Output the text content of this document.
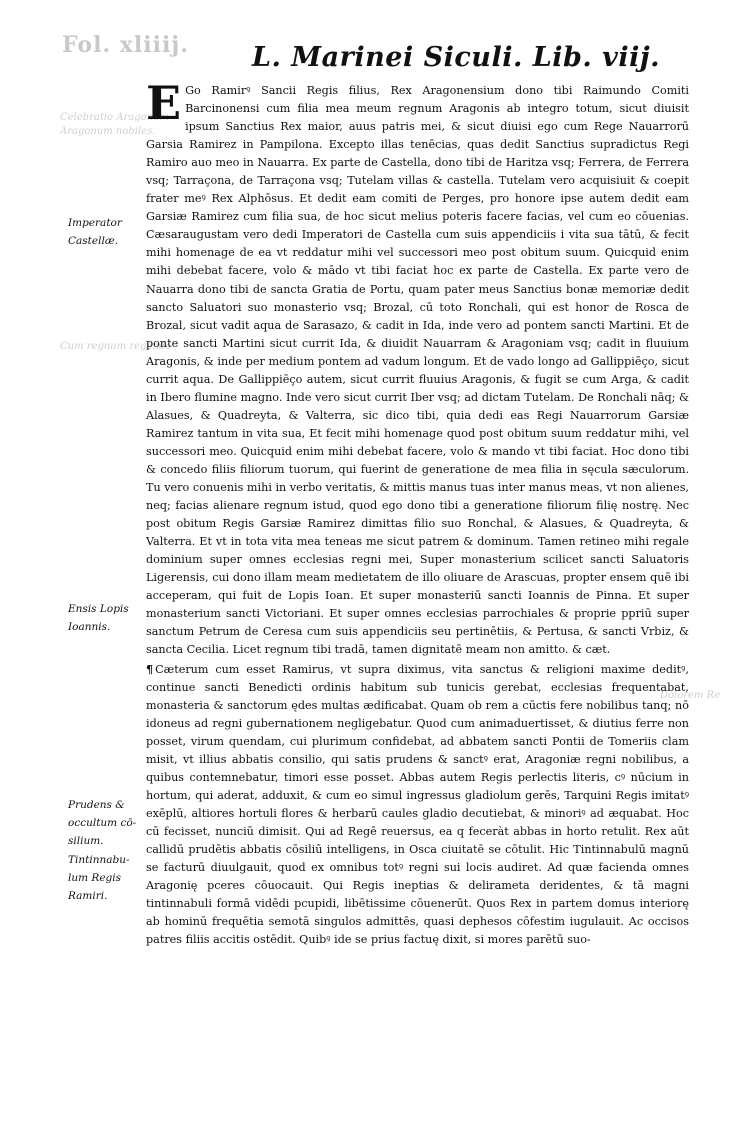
Fol. xliiij.
Celebratio Aragonum
Aragonum nobiles.
Cum regnum regenda
Dolorem Re
L. Marinei Siculi. Lib. viij.

E Go Ramirꝰ Sancii Regis filius, Rex Aragonensium dono tibi Raimundo Comiti Barcinonensi cum filia mea meum regnum Aragonis ab integro totum, sicut diuisit ipsum Sanctius Rex maior, auus patris mei, & sicut diuisi ego cum Rege Nauarrorū Garsia Ramirez in Pampilona. Excepto illas tenēcias, quas dedit Sanctius supradictus Regi Ramiro auo meo in Nauarra. Ex parte de Castella, dono tibi de Haritza vsq; Ferrera, de Ferrera vsq; Tarraçona, de Tarraçona vsq; Tutelam villas & castella. Tutelam vero acquisiuit & coepit frater meꝰ Rex Alphōsus. Et dedit eam comiti de Perges, pro honore ipse autem dedit eam Garsiæ Ramirez cum filia sua, de hoc sicut melius poteris facere facias, vel cum eo cōuenias. Cæsaraugustam vero dedi Imperatori de Castella cum suis appendiciis i vita sua tātū, & fecit mihi homenage de ea vt reddatur mihi vel successori meo post obitum suum. Quicquid enim mihi debebat facere, volo & mādo vt tibi faciat hoc ex parte de Castella. Ex parte vero de Nauarra dono tibi de sancta Gratia de Portu, quam pater meus Sanctius bonæ memoriæ dedit sancto Saluatori suo monasterio vsq; Brozal, cū toto Ronchali, qui est honor de Rosca de Brozal, sicut vadit aqua de Sarasazo, & cadit in Ida, inde vero ad pontem sancti Martini. Et de ponte sancti Martini sicut currit Ida, & diuidit Nauarram & Aragoniam vsq; cadit in fluuium Aragonis, & inde per medium pontem ad vadum longum. Et de vado longo ad Gallippiēço, sicut currit aqua. De Gallippiēço autem, sicut currit fluuius Aragonis, & fugit se cum Arga, & cadit in Ibero flumine magno. Inde vero sicut currit Iber vsq; ad dictam Tutelam. De Ronchali nāq; & Alasues, & Quadreyta, & Valterra, sic dico tibi, quia dedi eas Regi Nauarrorum Garsiæ Ramirez tantum in vita sua, Et fecit mihi homenage quod post obitum suum reddatur mihi, vel successori meo. Quicquid enim mihi debebat facere, volo & mando vt tibi faciat. Hoc dono tibi & concedo filiis filiorum tuorum, qui fuerint de generatione de mea filia in sęcula sæculorum. Tu vero conuenis mihi in verbo veritatis, & mittis manus tuas inter manus meas, vt non alienes, neq; facias alienare regnum istud, quod ego dono tibi a generatione filiorum filię nostrę. Nec post obitum Regis Garsiæ Ramirez dimittas filio suo Ronchal, & Alasues, & Quadreyta, & Valterra. Et vt in tota vita mea teneas me sicut patrem & dominum. Tamen retineo mihi regale dominium super omnes ecclesias regni mei, Super monasterium scilicet sancti Saluatoris Ligerensis, cui dono illam meam medietatem de illo oliuare de Arascuas, propter ensem quē ibi acceperam, qui fuit de Lopis Ioan. Et super monasteriū sancti Ioannis de Pinna. Et super monasterium sancti Victoriani. Et super omnes ecclesias parrochiales & proprie ppriū super sanctum Petrum de Ceresa cum suis appendiciis seu pertinētiis, & Pertusa, & sancti Vrbiz, & sancta Cecilia. Licet regnum tibi tradā, tamen dignitatē meam non amitto. & cæt.

¶ Cæterum cum esset Ramirus, vt supra diximus, vita sanctus & religioni maxime deditꝰ, continue sancti Benedicti ordinis habitum sub tunicis gerebat, ecclesias frequentabat, monasteria & sanctorum ędes multas ædificabat. Quam ob rem a cūctis fere nobilibus tanq; nō idoneus ad regni gubernationem negligebatur. Quod cum animaduertisset, & diutius ferre non posset, virum quendam, cui plurimum confidebat, ad abbatem sancti Pontii de Tomeriis clam misit, vt illius abbatis consilio, qui satis prudens & sanctꝰ erat, Aragoniæ regni nobilibus, a quibus contemnebatur, timori esse posset. Abbas autem Regis perlectis literis, cꝰ nūcium in hortum, qui aderat, adduxit, & cum eo simul ingressus gladiolum gerēs, Tarquini Regis imitatꝰ exēplū, altiores hortuli flores & herbarū caules gladio decutiebat, & minoriꝰ ad æquabat. Hoc cū fecisset, nunciū dimisit. Qui ad Regē reuersus, ea q feceràt abbas in horto retulit. Rex aūt callidū prudētis abbatis cōsiliū intelligens, in Osca ciuitatē se cōtulit. Hic Tintinnabulū magnū se facturū diuulgauit, quod ex omnibus totꝰ regni sui locis audiret. Ad quæ facienda omnes Aragonię pceres cōuocauit. Qui Regis ineptias & delirameta deridentes, & tā magni tintinnabuli formā vidēdi pcupidi, libētissime cōuenerūt. Quos Rex in partem domus interiorę ab hominū frequētia semotā singulos admittēs, quasi dephesos cōfestim iugulauit. Ac occisos patres filiis accitis ostēdit. Quibꝰ ide se prius factuę dixit, si mores parētū suo-

Imperator
Castellæ.
Ensis Lopis
Ioannis.
Prudens &
occultum cō-
silium.
Tintinnabu-
lum Regis
Ramiri.
